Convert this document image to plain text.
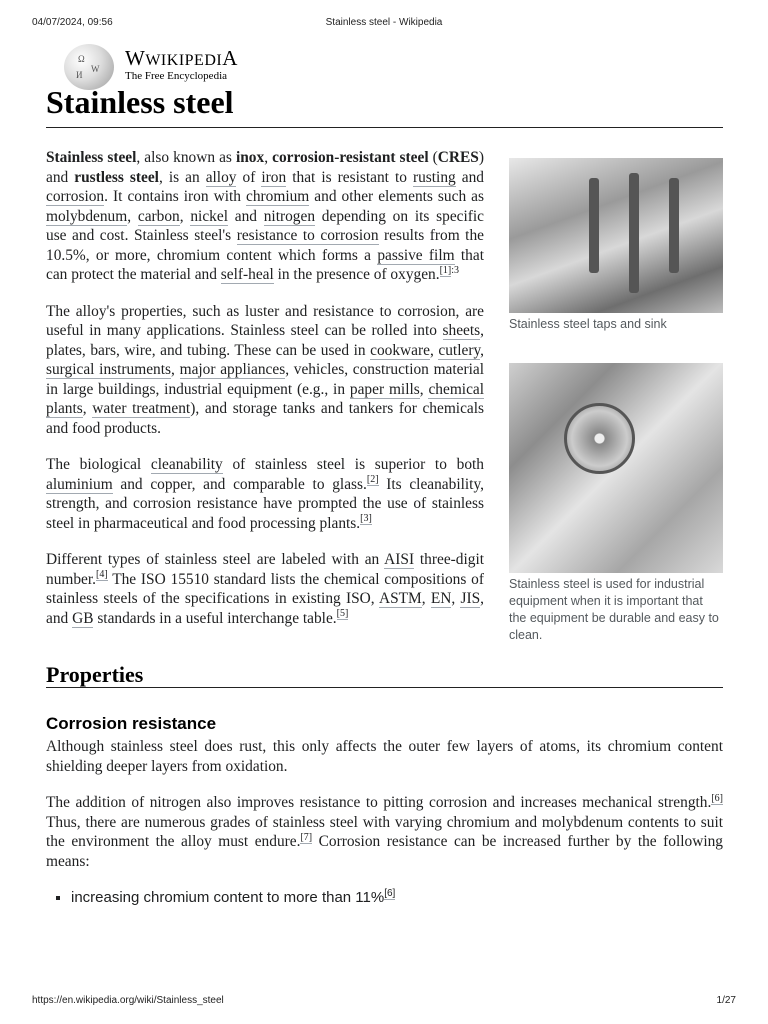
04/07/2024, 09:56	Stainless steel - Wikipedia
Ω
W
И
WWIKIPEDIA
The Free Encyclopedia
Stainless steel
Stainless steel taps and sink
Stainless steel is used for industrial equipment when it is important that the equipment be durable and easy to clean.

Stainless steel, also known as inox, corrosion-resistant steel (CRES) and rustless steel, is an alloy of iron that is resistant to rusting and corrosion. It contains iron with chromium and other elements such as molybdenum, carbon, nickel and nitrogen depending on its specific use and cost. Stainless steel's resistance to corrosion results from the 10.5%, or more, chromium content which forms a passive film that can protect the material and self-heal in the presence of oxygen.$^{[1]:3}$

The alloy's properties, such as luster and resistance to corrosion, are useful in many applications. Stainless steel can be rolled into sheets, plates, bars, wire, and tubing. These can be used in cookware, cutlery, surgical instruments, major appliances, vehicles, construction material in large buildings, industrial equipment (e.g., in paper mills, chemical plants, water treatment), and storage tanks and tankers for chemicals and food products.

The biological cleanability of stainless steel is superior to both aluminium and copper, and comparable to glass.[2] Its cleanability, strength, and corrosion resistance have prompted the use of stainless steel in pharmaceutical and food processing plants.[3]

Different types of stainless steel are labeled with an AISI three-digit number.[4] The ISO 15510 standard lists the chemical compositions of stainless steels of the specifications in existing ISO, ASTM, EN, JIS, and GB standards in a useful interchange table.[5]

Properties
Corrosion resistance

Although stainless steel does rust, this only affects the outer few layers of atoms, its chromium content shielding deeper layers from oxidation.

The addition of nitrogen also improves resistance to pitting corrosion and increases mechanical strength.[6] Thus, there are numerous grades of stainless steel with varying chromium and molybdenum contents to suit the environment the alloy must endure.[7] Corrosion resistance can be increased further by the following means:

▪ increasing chromium content to more than 11%[6]
https://en.wikipedia.org/wiki/Stainless_steel	1/27
